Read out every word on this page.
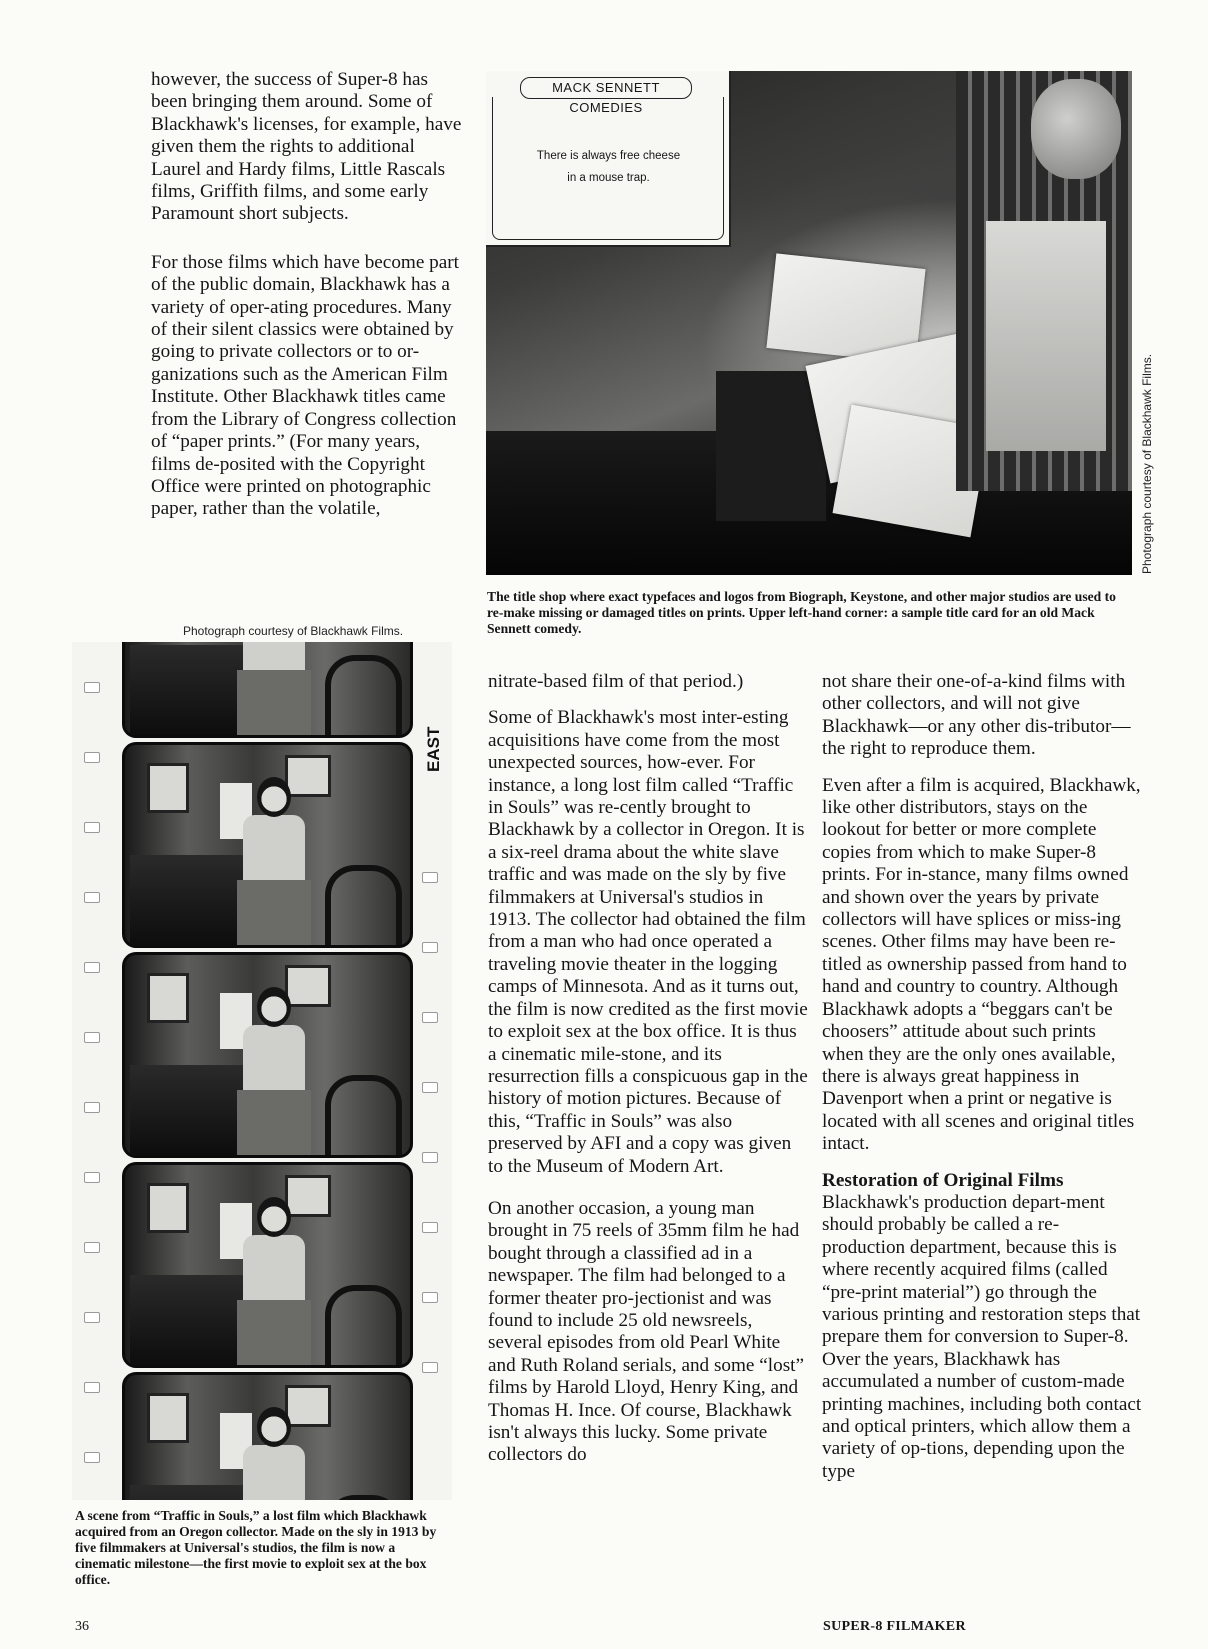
however, the success of Super-8 has been bringing them around. Some of Blackhawk's licenses, for example, have given them the rights to additional Laurel and Hardy films, Little Rascals films, Griffith films, and some early Paramount short subjects.

For those films which have become part of the public domain, Blackhawk has a variety of oper-ating procedures. Many of their silent classics were obtained by going to private collectors or to or-ganizations such as the American Film Institute. Other Blackhawk titles came from the Library of Congress collection of “paper prints.” (For many years, films de-posited with the Copyright Office were printed on photographic paper, rather than the volatile,

MACK SENNETT COMEDIES
There is always free cheese
in a mouse trap.
Photograph courtesy of Blackhawk Films.
The title shop where exact typefaces and logos from Biograph, Keystone, and other major studios are used to re-make missing or damaged titles on prints. Upper left-hand corner: a sample title card for an old Mack Sennett comedy.
Photograph courtesy of Blackhawk Films.
EAST
A scene from “Traffic in Souls,” a lost film which Blackhawk acquired from an Oregon collector. Made on the sly in 1913 by five filmmakers at Universal's studios, the film is now a cinematic milestone—the first movie to exploit sex at the box office.

nitrate-based film of that period.)

Some of Blackhawk's most inter-esting acquisitions have come from the most unexpected sources, how-ever. For instance, a long lost film called “Traffic in Souls” was re-cently brought to Blackhawk by a collector in Oregon. It is a six-reel drama about the white slave traffic and was made on the sly by five filmmakers at Universal's studios in 1913. The collector had obtained the film from a man who had once operated a traveling movie theater in the logging camps of Minnesota. And as it turns out, the film is now credited as the first movie to exploit sex at the box office. It is thus a cinematic mile-stone, and its resurrection fills a conspicuous gap in the history of motion pictures. Because of this, “Traffic in Souls” was also preserved by AFI and a copy was given to the Museum of Modern Art.

On another occasion, a young man brought in 75 reels of 35mm film he had bought through a classified ad in a newspaper. The film had belonged to a former theater pro-jectionist and was found to include 25 old newsreels, several episodes from old Pearl White and Ruth Roland serials, and some “lost” films by Harold Lloyd, Henry King, and Thomas H. Ince. Of course, Blackhawk isn't always this lucky. Some private collectors do

not share their one-of-a-kind films with other collectors, and will not give Blackhawk—or any other dis-tributor—the right to reproduce them.

Even after a film is acquired, Blackhawk, like other distributors, stays on the lookout for better or more complete copies from which to make Super-8 prints. For in-stance, many films owned and shown over the years by private collectors will have splices or miss-ing scenes. Other films may have been re-titled as ownership passed from hand to hand and country to country. Although Blackhawk adopts a “beggars can't be choosers” attitude about such prints when they are the only ones available, there is always great happiness in Davenport when a print or negative is located with all scenes and original titles intact.

Restoration of Original Films

Blackhawk's production depart-ment should probably be called a re-production department, because this is where recently acquired films (called “pre-print material”) go through the various printing and restoration steps that prepare them for conversion to Super-8. Over the years, Blackhawk has accumulated a number of custom-made printing machines, including both contact and optical printers, which allow them a variety of op-tions, depending upon the type

36	SUPER-8 FILMAKER
